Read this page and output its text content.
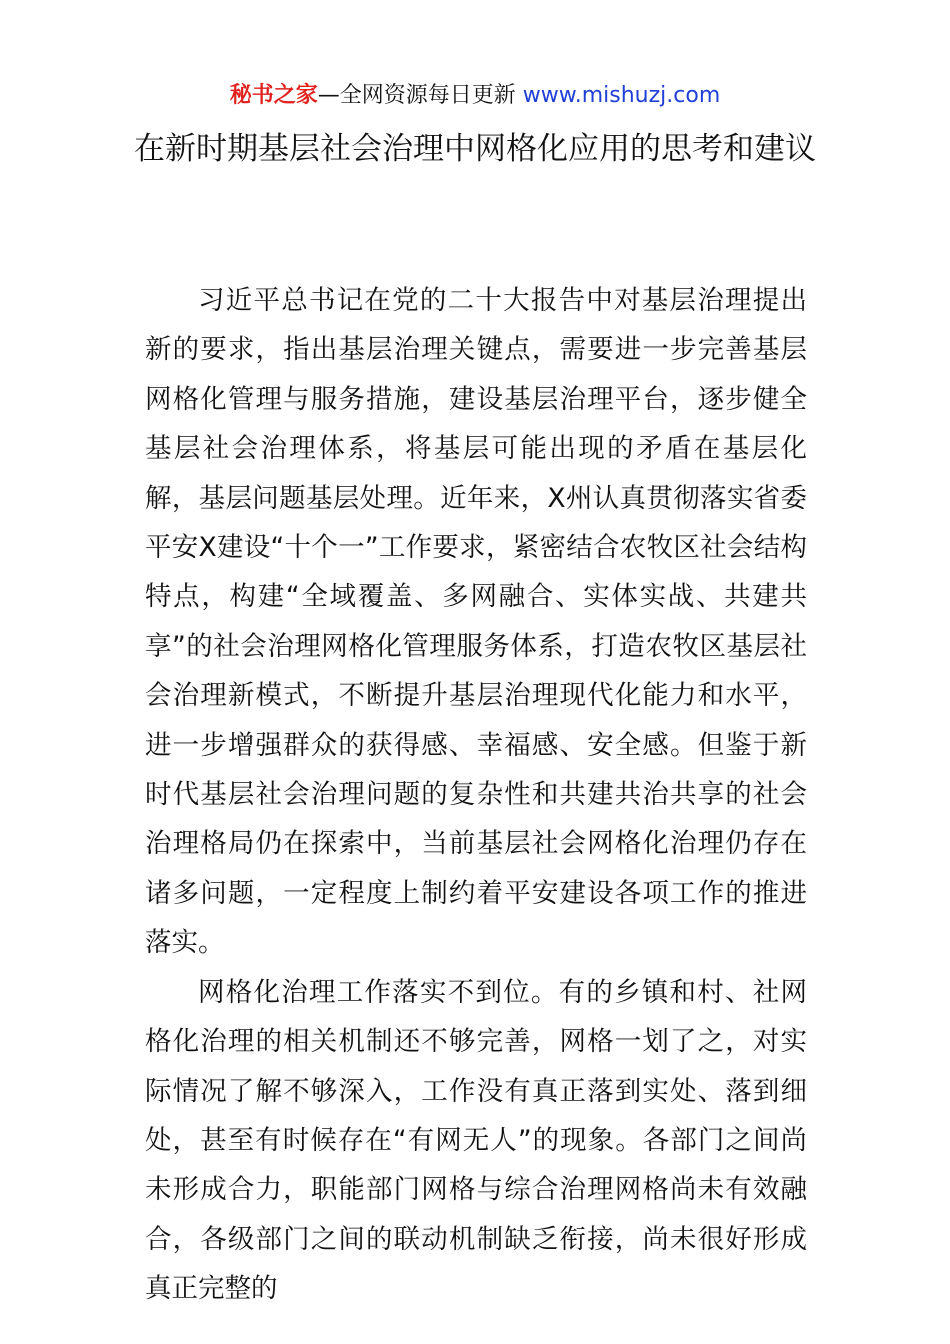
秘书之家—全网资源每日更新 www.mishuzj.com
在新时期基层社会治理中网格化应用的思考和建议

习近平总书记在党的二十大报告中对基层治理提出新的要求，指出基层治理关键点，需要进一步完善基层网格化管理与服务措施，建设基层治理平台，逐步健全基层社会治理体系，将基层可能出现的矛盾在基层化解，基层问题基层处理。近年来，X州认真贯彻落实省委平安X建设“十个一”工作要求，紧密结合农牧区社会结构特点，构建“全域覆盖、多网融合、实体实战、共建共享”的社会治理网格化管理服务体系，打造农牧区基层社会治理新模式，不断提升基层治理现代化能力和水平，进一步增强群众的获得感、幸福感、安全感。但鉴于新时代基层社会治理问题的复杂性和共建共治共享的社会治理格局仍在探索中，当前基层社会网格化治理仍存在诸多问题，一定程度上制约着平安建设各项工作的推进落实。

网格化治理工作落实不到位。有的乡镇和村、社网格化治理的相关机制还不够完善，网格一划了之，对实际情况了解不够深入，工作没有真正落到实处、落到细处，甚至有时候存在“有网无人”的现象。各部门之间尚未形成合力，职能部门网格与综合治理网格尚未有效融合，各级部门之间的联动机制缺乏衔接，尚未很好形成真正完整的
